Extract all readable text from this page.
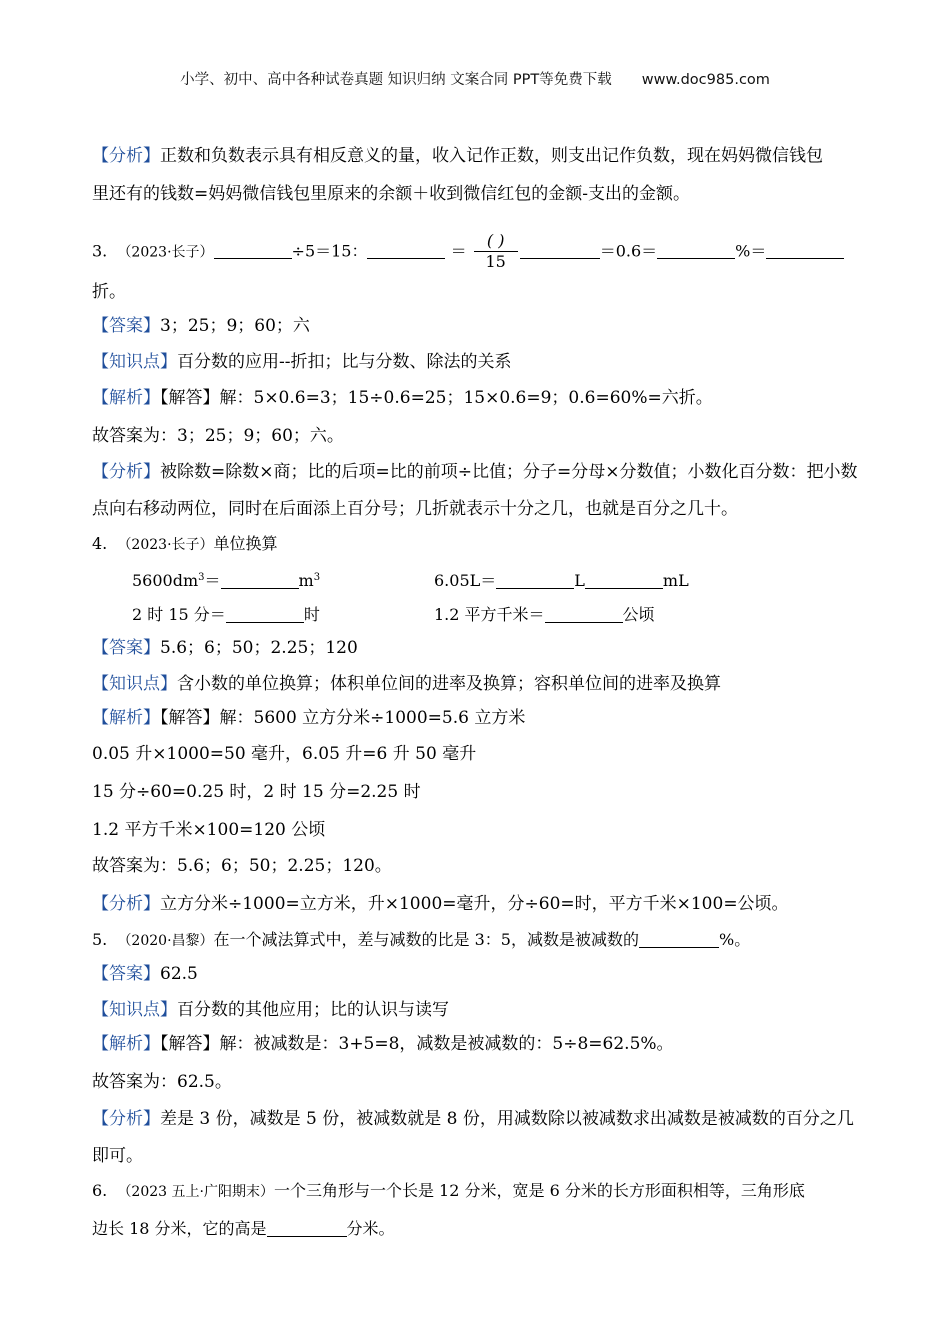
小学、初中、高中各种试卷真题 知识归纳 文案合同 PPT等免费下载 www.doc985.com
【分析】正数和负数表示具有相反意义的量，收入记作正数，则支出记作负数，现在妈妈微信钱包
里还有的钱数=妈妈微信钱包里原来的余额＋收到微信红包的金额-支出的金额。
3. （2023·长子）	÷5＝15：	＝ $\frac{( )}{15}$	＝0.6＝	%＝
折。
【答案】3；25；9；60；六
【知识点】百分数的应用--折扣；比与分数、除法的关系
【解析】【解答】解：5×0.6=3；15÷0.6=25；15×0.6=9；0.6=60%=六折。
故答案为：3；25；9；60；六。
【分析】被除数=除数×商；比的后项=比的前项÷比值；分子=分母×分数值；小数化百分数：把小数
点向右移动两位，同时在后面添上百分号；几折就表示十分之几，也就是百分之几十。
4. （2023·长子）单位换算
$5600dm^3=$	$m^3$	6.05L＝	L	mL
2 时 15 分＝	时	1.2 平方千米＝	公顷
【答案】5.6；6；50；2.25；120
【知识点】含小数的单位换算；体积单位间的进率及换算；容积单位间的进率及换算
【解析】【解答】解：5600 立方分米÷1000=5.6 立方米
0.05 升×1000=50 毫升，6.05 升=6 升 50 毫升
15 分÷60=0.25 时，2 时 15 分=2.25 时
1.2 平方千米×100=120 公顷
故答案为：5.6；6；50；2.25；120。
【分析】立方分米÷1000=立方米，升×1000=毫升，分÷60=时，平方千米×100=公顷。
5. （2020·昌黎）在一个减法算式中，差与减数的比是 3：5，减数是被减数的	%。
【答案】62.5
【知识点】百分数的其他应用；比的认识与读写
【解析】【解答】解：被减数是：3+5=8，减数是被减数的：5÷8=62.5%。
故答案为：62.5。
【分析】差是 3 份，减数是 5 份，被减数就是 8 份，用减数除以被减数求出减数是被减数的百分之几
即可。
6. （2023 五上·广阳期末）一个三角形与一个长是 12 分米，宽是 6 分米的长方形面积相等，三角形底
边长 18 分米，它的高是	分米。
